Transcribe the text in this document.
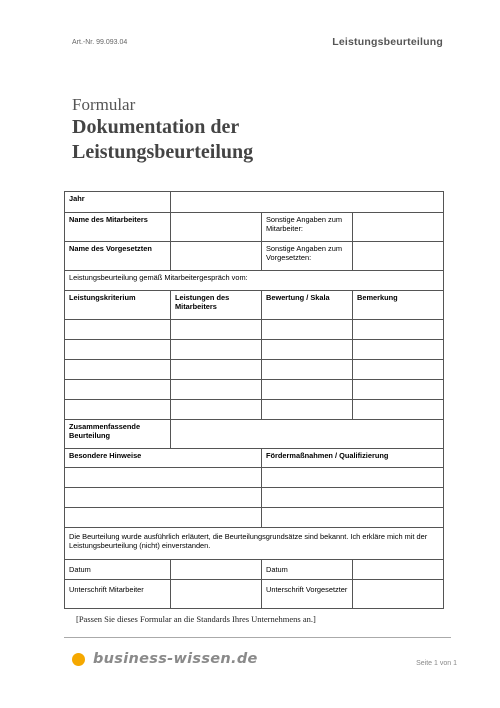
Art.-Nr. 99.093.04	Leistungsbeurteilung
Formular
Dokumentation der
Leistungsbeurteilung
Jahr			
Name des Mitarbeiters		Sonstige Angaben zum Mitarbeiter:	
Name des Vorgesetzten		Sonstige Angaben zum Vorgesetzten:	
Leistungsbeurteilung gemäß Mitarbeitergespräch vom:			
Leistungskriterium	Leistungen des Mitarbeiters	Bewertung / Skala	Bemerkung

Zusammenfassende Beurteilung			
Besondere Hinweise		Fördermaßnahmen / Qualifizierung	

Die Beurteilung wurde ausführlich erläutert, die Beurteilungsgrundsätze sind bekannt. Ich erkläre mich mit der Leistungsbeurteilung (nicht) einverstanden.			
Datum		Datum	
Unterschrift Mitarbeiter		Unterschrift Vorgesetzter	
[Passen Sie dieses Formular an die Standards Ihres Unternehmens an.]
business-wissen.de	Seite 1 von 1
